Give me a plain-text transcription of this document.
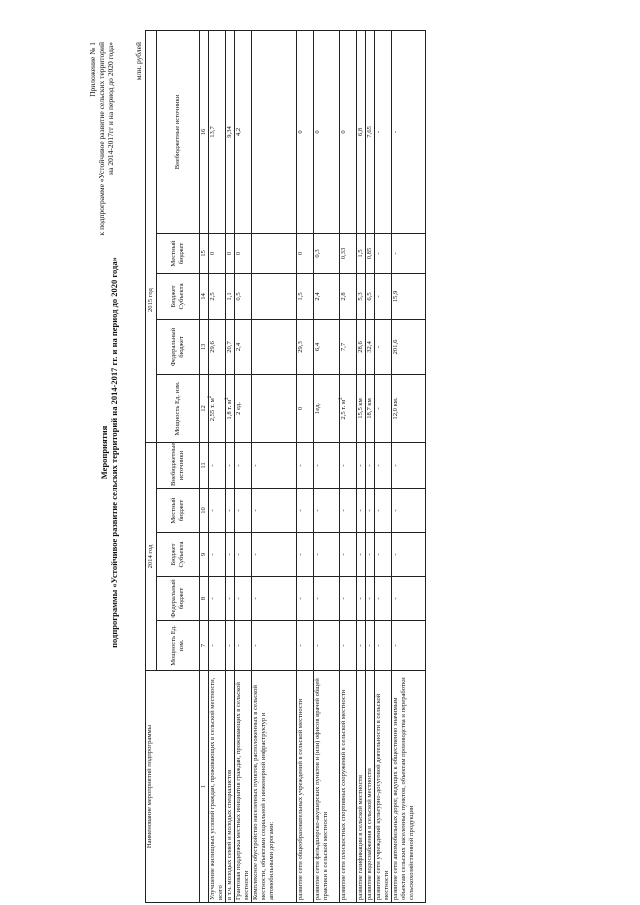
Приложение № 1 к подпрограмме «Устойчивое развитие сельских территорий на 2014-2017гг и на период до 2020 года»
Мероприятия подпрограммы «Устойчивое развитие сельских территорий на 2014-2017 гг. и на период до 2020 года»
млн. рублей
Наименование мероприятий подпрограммы	2014 год					2015 год				
	Мощность Ед. изм.	Федеральный бюджет	Бюджет Субъекта	Местный бюджет	Внебюджетные источники	Мощность Ед. изм.	Федеральный бюджет	Бюджет Субъекта	Местный бюджет	Внебюджетные источники
1	7	8	9	10	11	12	13	14	15	16
Улучшение жилищных условий граждан, проживающих в сельской местности, всего	-	-	-	-	-	2,55 т. $м^2$	29,6	2,5	0	13,7
в т.ч. молодых семей и молодых специалистов	-	-	-	-	-	1,8 т. $м^2$	20,7	1,1	0	9,34
Грантовая поддержка местных инициатив граждан, проживающих в сельской местности	-	-	-	-	-	2 ед.	2,4	0,5	0	4,2
Комплексное обустройство населенных пунктов, расположенных в сельской местности, объектами социальной и инженерной инфраструктур и автомобильными дорогами:	-	-	-	-	-					
развитие сети общеобразовательных учреждений в сельской местности	-	-	-	-	-	0	29,3	1,5	0	0
развитие сети фельдшерско-акушерских пунктов и (или) офисов врачей общей практики в сельской местности	-	-	-	-	-	1ед.	6,4	2,4	0,3	0
развитие сети плоскостных спортивных сооружений в сельской местности	-	-	-	-	-	2,5 т. $м^2$	7,7	2,8	0,33	0
развитие газификации в сельской местности	-	-	-	-	-	15,5 км	28,6	5,3	1,5	6,8
развитие водоснабжения в сельской местности	-	-	-	-	-	18,7 км	32,4	6,5	0,85	7,65
развитие сети учреждений культурно-досуговой деятельности в сельской местности	-	-	-	-	-	-	-	-	-	-
развитие сети автомобильных дорог, ведущих к общественно значимым объектам сельских населенных пунктов, объектам производства и переработки сельскохозяйственной продукции	-	-	-	-	-	12,0 км.	201,6	15,9	-	-
